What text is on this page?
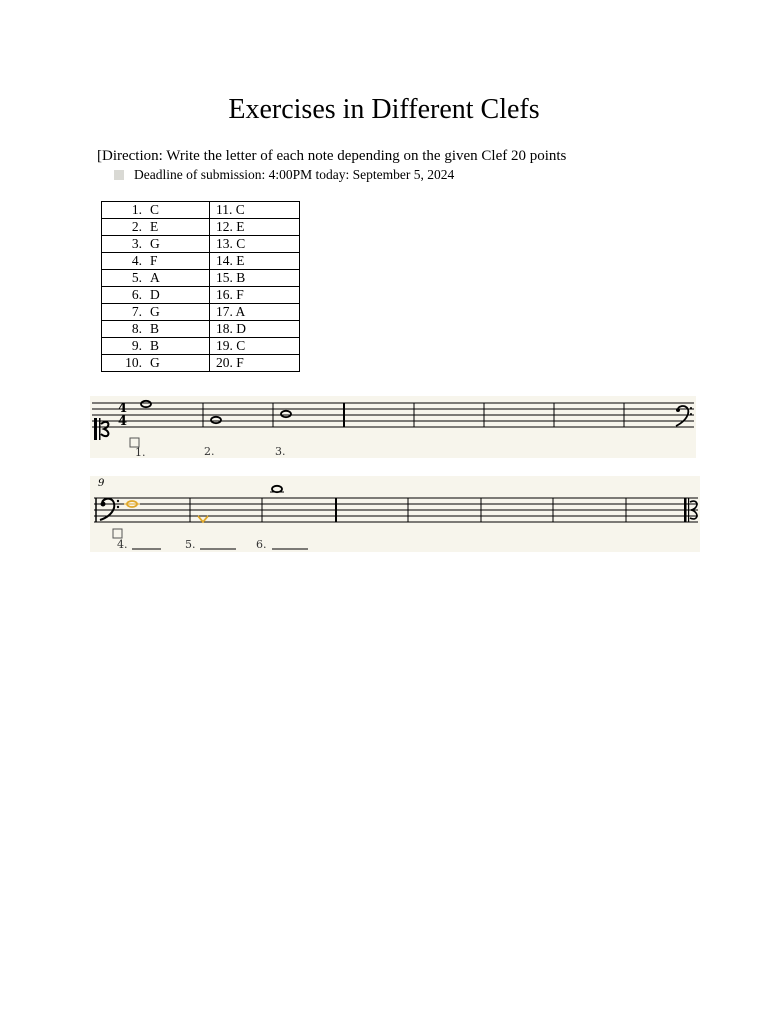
Exercises in Different Clefs
[Direction: Write the letter of each note depending on the given Clef 20 points
Deadline of submission: 4:00PM today: September 5, 2024
1. C	11. C
2. E	12. E
3. G	13. C
4. F	14. E
5. A	15. B
6. D	16. F
7. G	17. A
8. B	18. D
9. B	19. C
10. G	20. F
4
4
1.	2.	3.
9
4.	5.	6.
